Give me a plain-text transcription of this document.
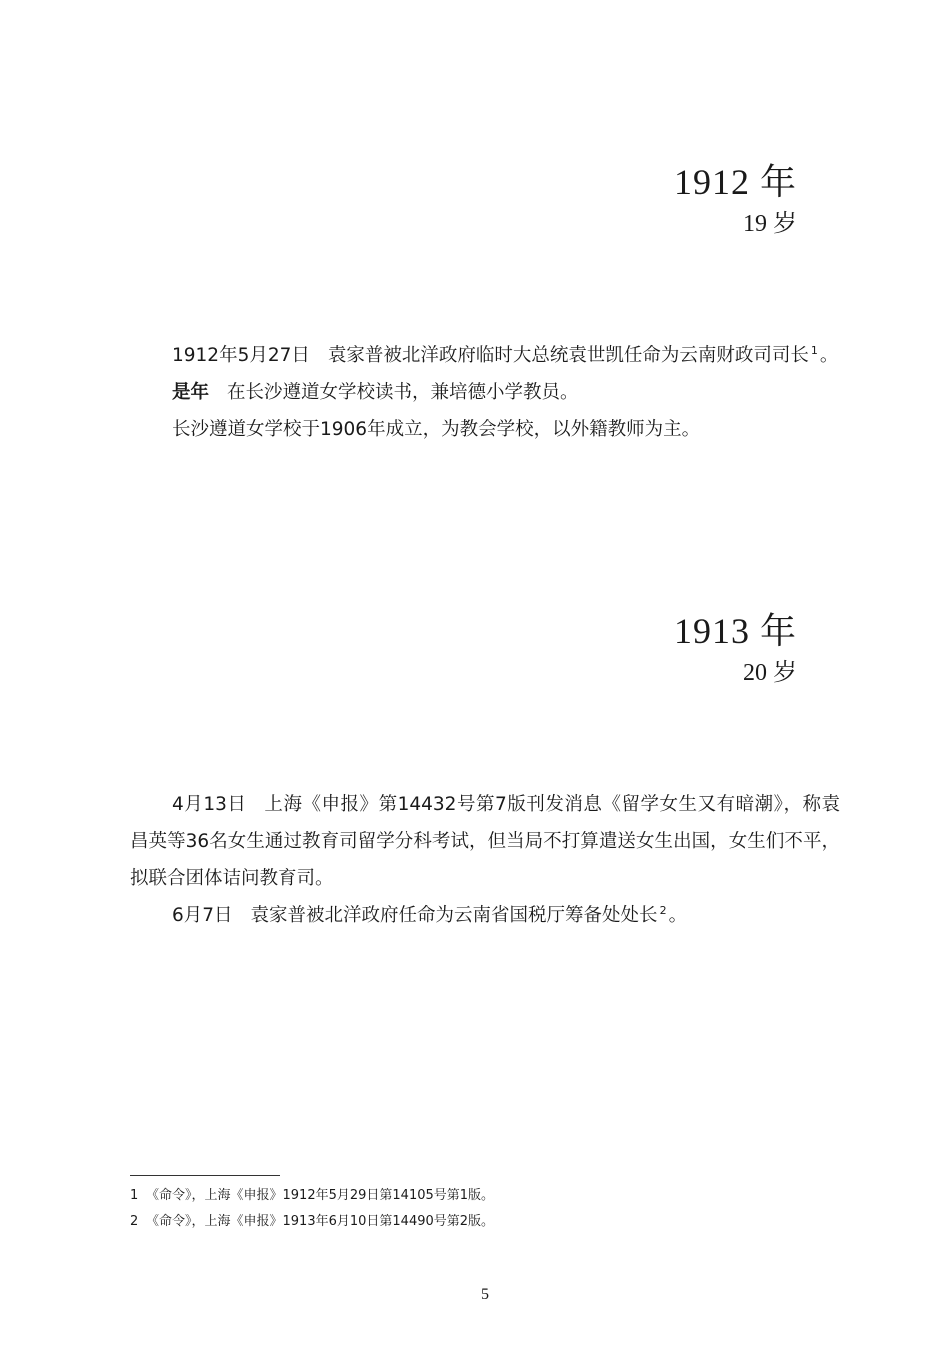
1912 年
19 岁

1912年5月27日 袁家普被北洋政府临时大总统袁世凯任命为云南财政司司长 $^1$ 。

是年 在长沙遵道女学校读书，兼培德小学教员。

长沙遵道女学校于1906年成立，为教会学校，以外籍教师为主。

1913 年
20 岁

4月13日 上海《申报》第14432号第7版刊发消息《留学女生又有暗潮》，称袁昌英等36名女生通过教育司留学分科考试，但当局不打算遣送女生出国，女生们不平，拟联合团体诘问教育司。

6月7日 袁家普被北洋政府任命为云南省国税厅筹备处处长 $^2$ 。

1 《命令》，上海《申报》1912年5月29日第14105号第1版。
2 《命令》，上海《申报》1913年6月10日第14490号第2版。
5
